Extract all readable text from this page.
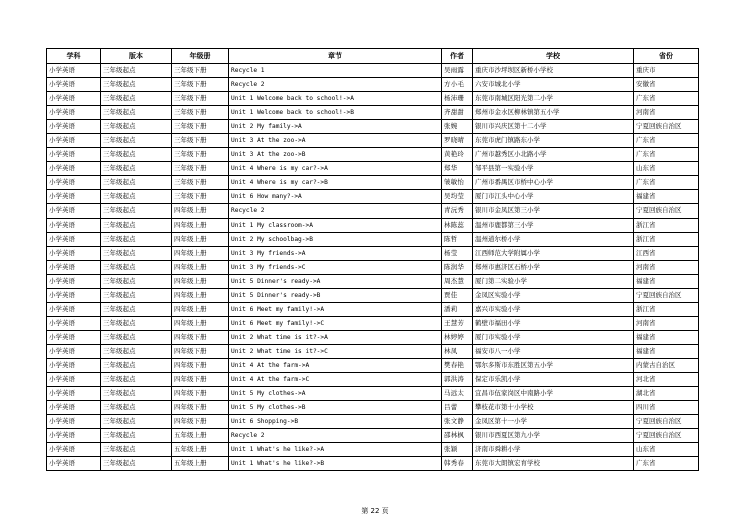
学科	版本	年级册	章节	作者	学校	省份
小学英语	三年级起点	三年级下册	Recycle 1	吴雨露	重庆市沙坪坝区新桥小学校	重庆市
小学英语	三年级起点	三年级下册	Recycle 2	方小毛	六安市城北小学	安徽省
小学英语	三年级起点	三年级下册	Unit 1 Welcome back to school!->A	杨沛珊	东莞市南城区阳光第二小学	广东省
小学英语	三年级起点	三年级下册	Unit 1 Welcome back to school!->B	齐甜甜	郑州市金水区柳林镇第五小学	河南省
小学英语	三年级起点	三年级下册	Unit 2 My family->A	张婉	银川市兴庆区第十二小学	宁夏回族自治区
小学英语	三年级起点	三年级下册	Unit 3 At the zoo->A	罗晓晴	东莞市虎门镇路东小学	广东省
小学英语	三年级起点	三年级下册	Unit 3 At the zoo->B	黄艳玲	广州市越秀区小北路小学	广东省
小学英语	三年级起点	三年级下册	Unit 4 Where is my car?->A	郑华	邹平县第一实验小学	山东省
小学英语	三年级起点	三年级下册	Unit 4 Where is my car?->B	皱敏怡	广州市番禺区市桥中心小学	广东省
小学英语	三年级起点	三年级下册	Unit 6 How many?->A	吴均莹	厦门市江头中心小学	福建省
小学英语	三年级起点	四年级上册	Recycle 2	青沅秀	银川市金凤区第三小学	宁夏回族自治区
小学英语	三年级起点	四年级上册	Unit 1 My classroom->A	林陈蕊	温州市鹿都第三小学	浙江省
小学英语	三年级起点	四年级上册	Unit 2 My schoolbag->B	陈哲	温州道尔桥小学	浙江省
小学英语	三年级起点	四年级上册	Unit 3 My friends->A	杨莹	江西师范大学附属小学	江西省
小学英语	三年级起点	四年级上册	Unit 3 My friends->C	陈润华	郑州市惠济区石桥小学	河南省
小学英语	三年级起点	四年级上册	Unit 5 Dinner's ready->A	周杰慧	厦门第二实验小学	福建省
小学英语	三年级起点	四年级上册	Unit 5 Dinner's ready->B	贾佳	金凤区实验小学	宁夏回族自治区
小学英语	三年级起点	四年级上册	Unit 6 Meet my family!->A	潘莉	嘉兴市实验小学	浙江省
小学英语	三年级起点	四年级上册	Unit 6 Meet my family!->C	王慧芳	鹤壁市福田小学	河南省
小学英语	三年级起点	四年级下册	Unit 2 What time is it?->A	林婷婷	厦门市实验小学	福建省
小学英语	三年级起点	四年级下册	Unit 2 What time is it?->C	林凤	福安市八一小学	福建省
小学英语	三年级起点	四年级下册	Unit 4 At the farm->A	樊春艳	鄂尔多斯市东胜区第五小学	内蒙古自治区
小学英语	三年级起点	四年级下册	Unit 4 At the farm->C	郭洪涛	保定市乐凯小学	河北省
小学英语	三年级起点	四年级下册	Unit 5 My clothes->A	马远太	宜昌市伍家岗区中南路小学	湖北省
小学英语	三年级起点	四年级下册	Unit 5 My clothes->B	吕蕾	攀枝花市第十小学校	四川省
小学英语	三年级起点	四年级下册	Unit 6 Shopping->B	张文静	金凤区第十一小学	宁夏回族自治区
小学英语	三年级起点	五年级上册	Recycle 2	邵林枫	银川市西夏区第九小学	宁夏回族自治区
小学英语	三年级起点	五年级上册	Unit 1 What's he like?->A	张颖	济南市舜耕小学	山东省
小学英语	三年级起点	五年级上册	Unit 1 What's he like?->B	韩秀春	东莞市大朗镇宏育学校	广东省
第 22 页
